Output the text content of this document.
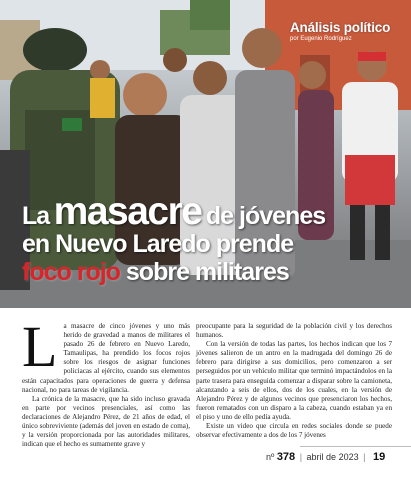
Análisis político
por Eugenio Rodríguez
La masacre de jóvenes
en Nuevo Laredo prende
foco rojo sobre militares
L a masacre de cinco jóvenes y uno más herido de gravedad a manos de militares el pasado 26 de febrero en Nuevo Laredo, Tamaulipas, ha prendido los focos rojos sobre los riesgos de asignar funciones policiacas al ejército, cuando sus elementos están capacitados para operaciones de guerra y defensa nacional, no para tareas de vigilancia.

La crónica de la masacre, que ha sido incluso gravada en parte por vecinos presenciales, así como las declaraciones de Alejandro Pérez, de 21 años de edad, el único sobreviviente (además del joven en estado de coma), y la versión proporcionada por las autoridades militares, indican que el hecho es sumamente grave y

preocupante para la seguridad de la población civil y los derechos humanos.

Con la versión de todas las partes, los hechos indican que los 7 jóvenes salieron de un antro en la madrugada del domingo 26 de febrero para dirigirse a sus domicilios, pero comenzaron a ser perseguidos por un vehículo militar que terminó impactándolos en la parte trasera para enseguida comenzar a disparar sobre la camioneta, alcanzando a seis de ellos, dos de los cuales, en la versión de Alejandro Pérez y de algunos vecinos que presenciaron los hechos, fueron rematados con un disparo a la cabeza, cuando estaban ya en el piso y uno de ello pedía ayuda.

Existe un video que circula en redes sociales donde se puede observar efectivamente a dos de los 7 jóvenes

nº 378 | abril de 2023 | 19
